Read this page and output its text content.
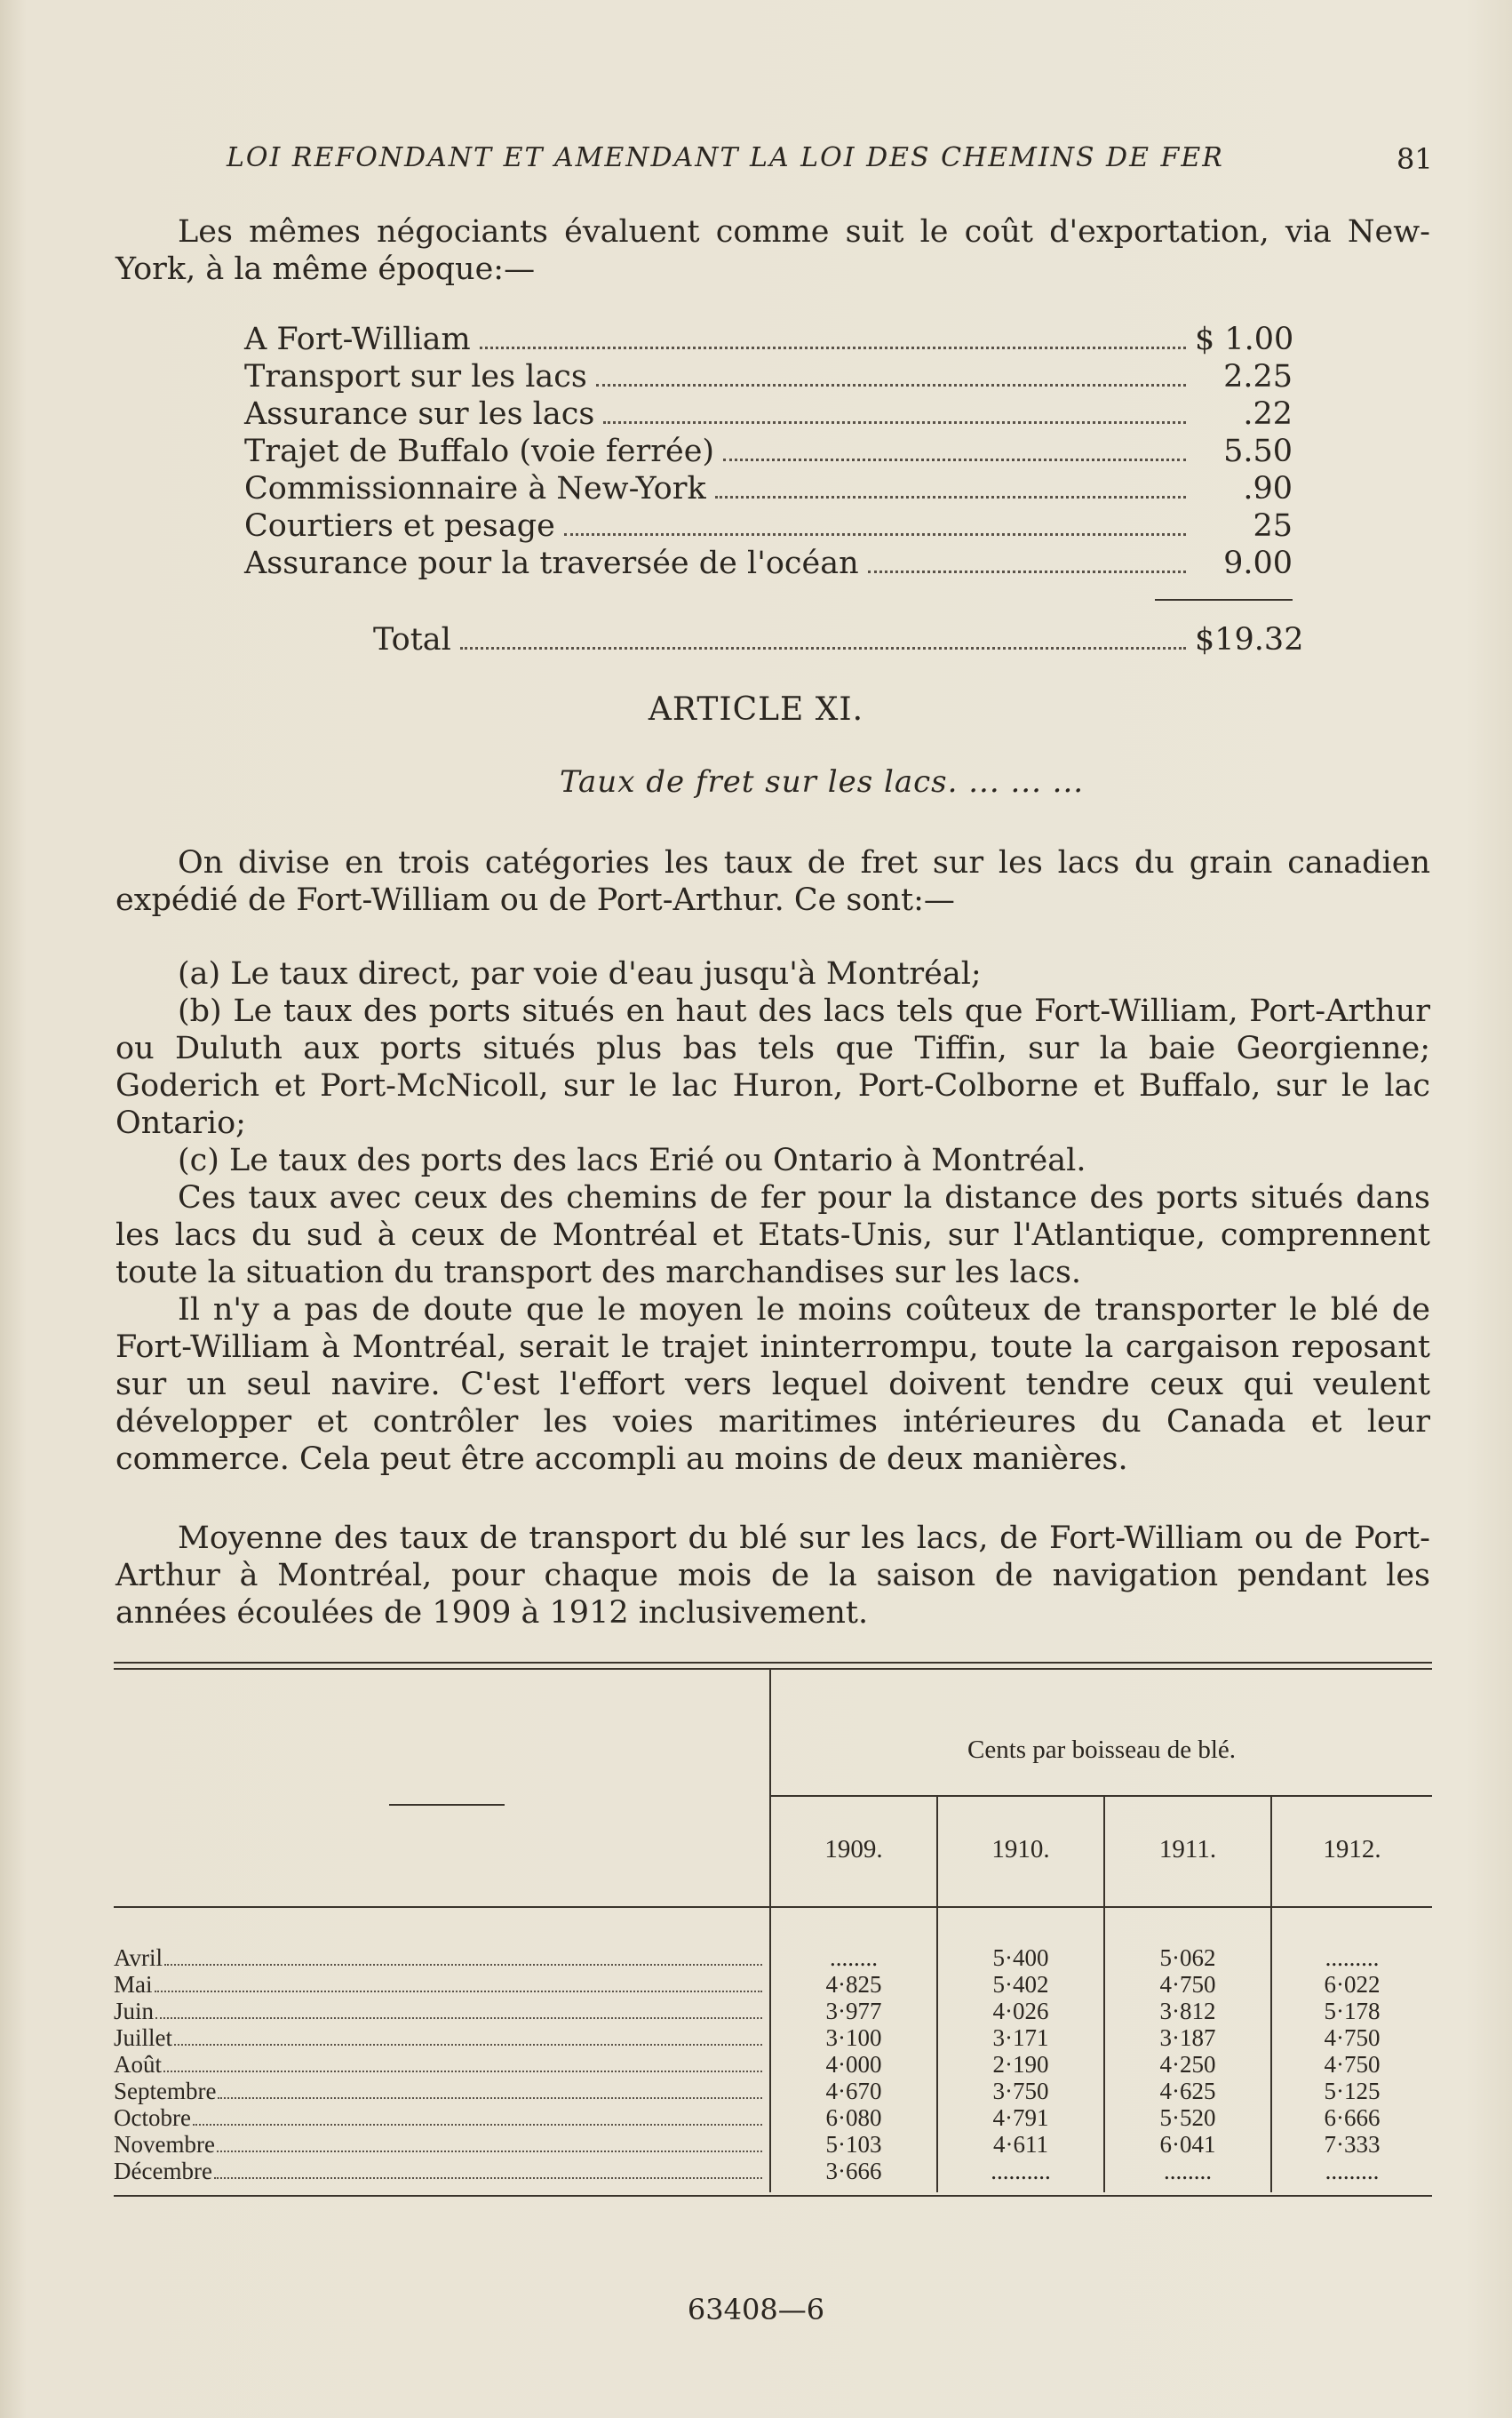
LOI REFONDANT ET AMENDANT LA LOI DES CHEMINS DE FER	81

Les mêmes négociants évaluent comme suit le coût d'exportation, via New-York, à la même époque:—

A Fort-William	$ 1.00
Transport sur les lacs	2.25
Assurance sur les lacs	.22
Trajet de Buffalo (voie ferrée)	5.50
Commissionnaire à New-York	.90
Courtiers et pesage	25
Assurance pour la traversée de l'océan	9.00
Total	$19.32
ARTICLE XI.
Taux de fret sur les lacs. ... ... ...

On divise en trois catégories les taux de fret sur les lacs du grain canadien expédié de Fort-William ou de Port-Arthur. Ce sont:—

(a) Le taux direct, par voie d'eau jusqu'à Montréal;
(b) Le taux des ports situés en haut des lacs tels que Fort-William, Port-Arthur ou Duluth aux ports situés plus bas tels que Tiffin, sur la baie Georgienne; Goderich et Port-McNicoll, sur le lac Huron, Port-Colborne et Buffalo, sur le lac Ontario;
(c) Le taux des ports des lacs Erié ou Ontario à Montréal.
Ces taux avec ceux des chemins de fer pour la distance des ports situés dans les lacs du sud à ceux de Montréal et Etats-Unis, sur l'Atlantique, comprennent toute la situation du transport des marchandises sur les lacs.
Il n'y a pas de doute que le moyen le moins coûteux de transporter le blé de Fort-William à Montréal, serait le trajet ininterrompu, toute la cargaison reposant sur un seul navire. C'est l'effort vers lequel doivent tendre ceux qui veulent développer et contrôler les voies maritimes intérieures du Canada et leur commerce. Cela peut être accompli au moins de deux manières.

Moyenne des taux de transport du blé sur les lacs, de Fort-William ou de Port-Arthur à Montréal, pour chaque mois de la saison de navigation pendant les années écoulées de 1909 à 1912 inclusivement.

Cents par boisseau de blé.
1909.	1910.	1911.	1912.
Avril	........	5·400	5·062	.........
Mai	4·825	5·402	4·750	6·022
Juin	3·977	4·026	3·812	5·178
Juillet	3·100	3·171	3·187	4·750
Août	4·000	2·190	4·250	4·750
Septembre	4·670	3·750	4·625	5·125
Octobre	6·080	4·791	5·520	6·666
Novembre	5·103	4·611	6·041	7·333
Décembre	3·666	..........	........	.........
63408—6
